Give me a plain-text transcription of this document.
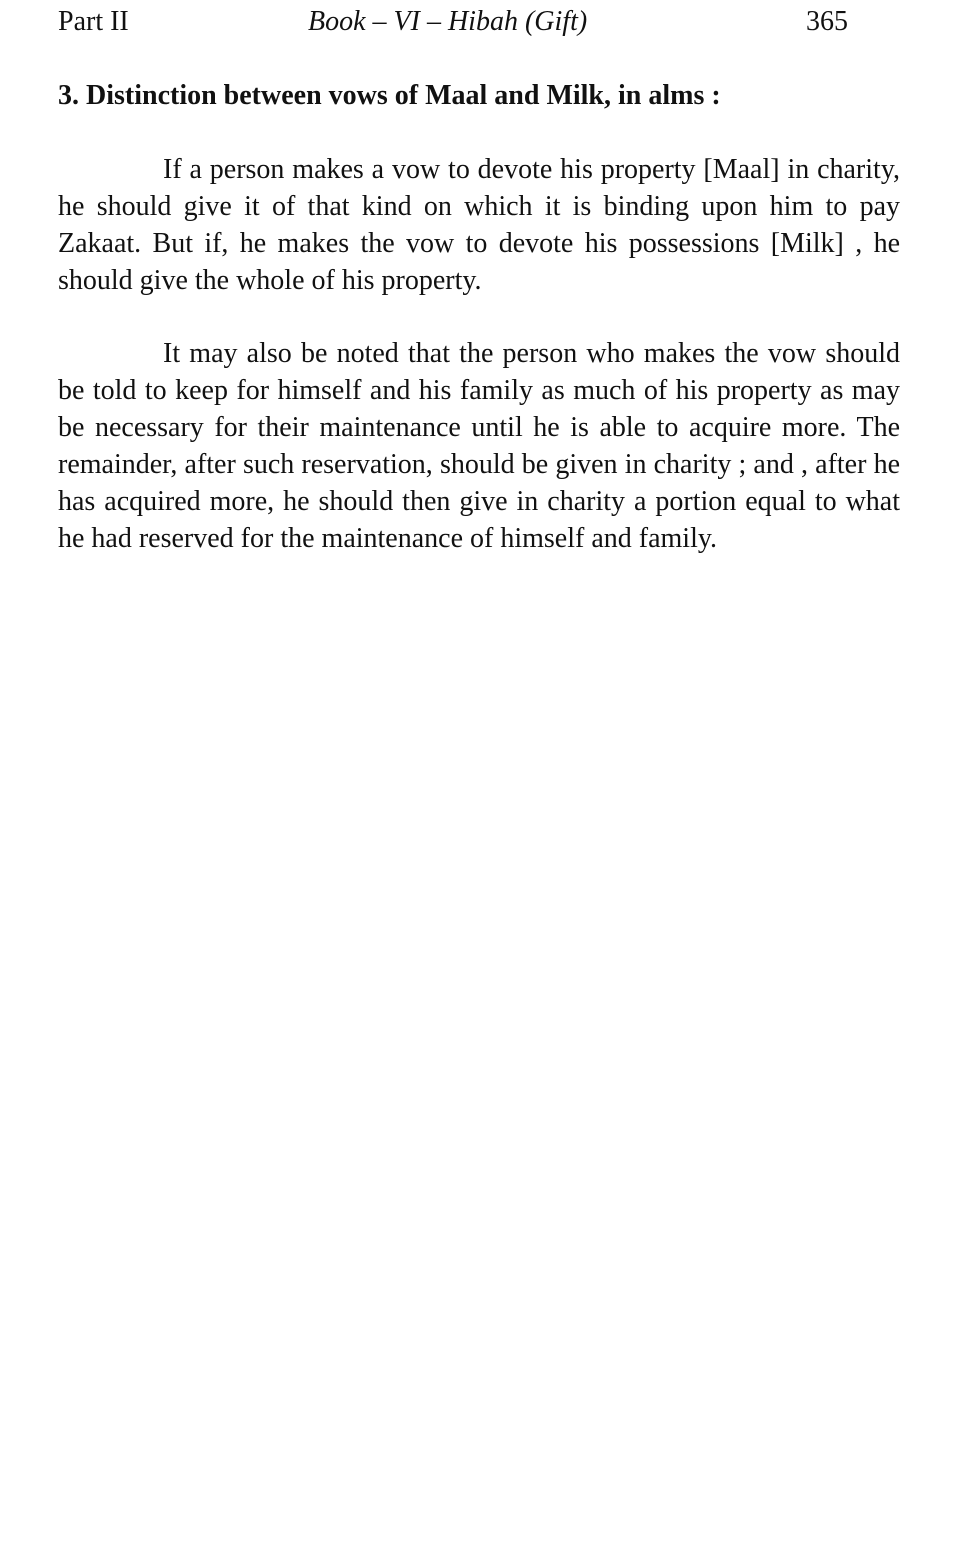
Part II	Book – VI – Hibah (Gift)	365
3. Distinction between vows of Maal and Milk, in alms :

If a person makes a vow to devote his property [Maal] in charity, he should give it of that kind on which it is binding upon him to pay Zakaat. But if, he makes the vow to devote his possessions [Milk] , he should give the whole of his property.

It may also be noted that the person who makes the vow should be told to keep for himself and his family as much of his property as may be necessary for their maintenance until he is able to acquire more. The remainder, after such reservation, should be given in charity ; and , after he has acquired more, he should then give in charity a portion equal to what he had reserved for the maintenance of himself and family.
